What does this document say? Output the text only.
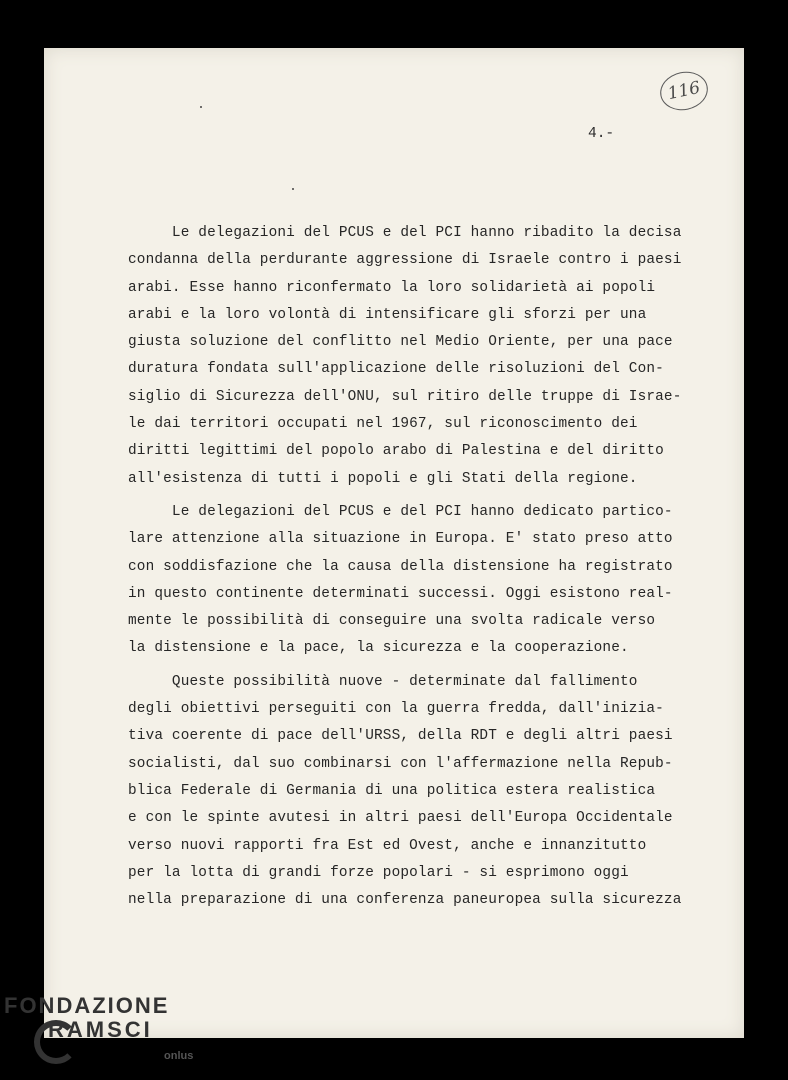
116
4.-
Le delegazioni del PCUS e del PCI hanno ribadito la decisa
condanna della perdurante aggressione di Israele contro i paesi
arabi. Esse hanno riconfermato la loro solidarietà ai popoli
arabi e la loro volontà di intensificare gli sforzi per una
giusta soluzione del conflitto nel Medio Oriente, per una pace
duratura fondata sull'applicazione delle risoluzioni del Con-
siglio di Sicurezza dell'ONU, sul ritiro delle truppe di Israe-
le dai territori occupati nel 1967, sul riconoscimento dei
diritti legittimi del popolo arabo di Palestina e del diritto
all'esistenza di tutti i popoli e gli Stati della regione.
Le delegazioni del PCUS e del PCI hanno dedicato partico-
lare attenzione alla situazione in Europa. E' stato preso atto
con soddisfazione che la causa della distensione ha registrato
in questo continente determinati successi. Oggi esistono real-
mente le possibilità di conseguire una svolta radicale verso
la distensione e la pace, la sicurezza e la cooperazione.
Queste possibilità nuove - determinate dal fallimento
degli obiettivi perseguiti con la guerra fredda, dall'inizia-
tiva coerente di pace dell'URSS, della RDT e degli altri paesi
socialisti, dal suo combinarsi con l'affermazione nella Repub-
blica Federale di Germania di una politica estera realistica
e con le spinte avutesi in altri paesi dell'Europa Occidentale
verso nuovi rapporti fra Est ed Ovest, anche e innanzitutto
per la lotta di grandi forze popolari - si esprimono oggi
nella preparazione di una conferenza paneuropea sulla sicurezza
FONDAZIONE
RAMSCI
onlus
